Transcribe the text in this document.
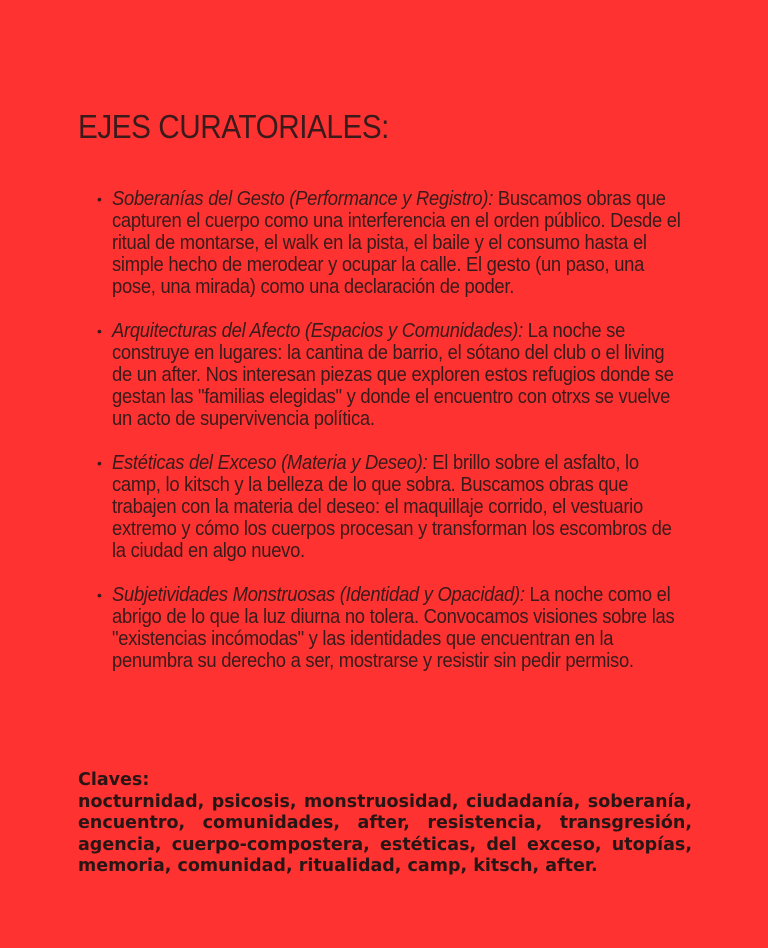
EJES CURATORIALES:
• Soberanías del Gesto (Performance y Registro): Buscamos obras que capturen el cuerpo como una interferencia en el orden público. Desde el ritual de montarse, el walk en la pista, el baile y el consumo hasta el simple hecho de merodear y ocupar la calle. El gesto (un paso, una pose, una mirada) como una declaración de poder.
• Arquitecturas del Afecto (Espacios y Comunidades): La noche se construye en lugares: la cantina de barrio, el sótano del club o el living de un after. Nos interesan piezas que exploren estos refugios donde se gestan las "familias elegidas" y donde el encuentro con otrxs se vuelve un acto de supervivencia política.
• Estéticas del Exceso (Materia y Deseo): El brillo sobre el asfalto, lo camp, lo kitsch y la belleza de lo que sobra. Buscamos obras que trabajen con la materia del deseo: el maquillaje corrido, el vestuario extremo y cómo los cuerpos procesan y transforman los escombros de la ciudad en algo nuevo.
• Subjetividades Monstruosas (Identidad y Opacidad): La noche como el abrigo de lo que la luz diurna no tolera. Convocamos visiones sobre las "existencias incómodas" y las identidades que encuentran en la penumbra su derecho a ser, mostrarse y resistir sin pedir permiso.
Claves:
nocturnidad, psicosis, monstruosidad, ciudadanía, soberanía, encuentro, comunidades, after, resistencia, transgresión, agencia, cuerpo-compostera, estéticas, del exceso, utopías, memoria, comunidad, ritualidad, camp, kitsch, after.
